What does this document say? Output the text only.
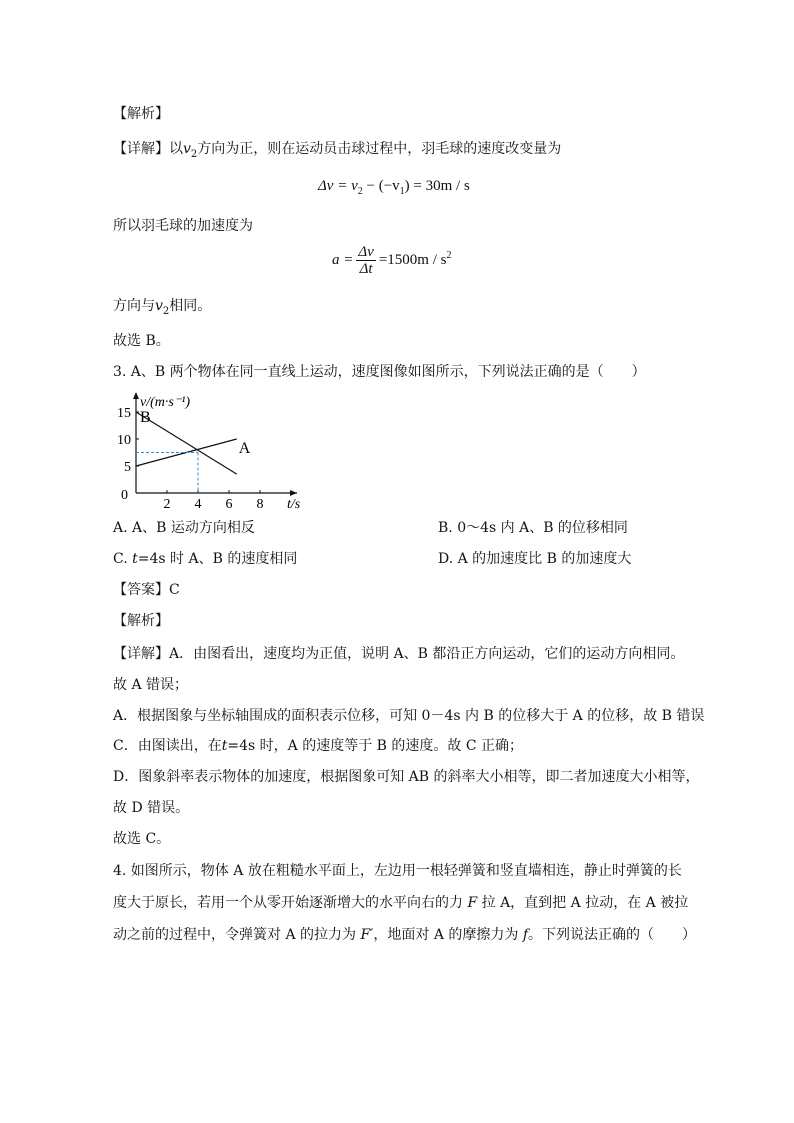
【解析】
【详解】以$v_2$方向为正，则在运动员击球过程中，羽毛球的速度改变量为
$\Delta v = v_2 - (-v_1) = 30m / s$
所以羽毛球的加速度为
$a = \frac{\Delta v}{\Delta t} =1500m / s^2$
方向与$v_2$相同。
故选 B。
3. A、B 两个物体在同一直线上运动，速度图像如图所示，下列说法正确的是（　　）
2 4 6 8
5
10
15
0
t/s
v/(m·s⁻¹)
A
B
A. A、B 运动方向相反	B. 0～4s 内 A、B 的位移相同
C. t=4s 时 A、B 的速度相同	D. A 的加速度比 B 的加速度大
【答案】C
【解析】
【详解】A．由图看出，速度均为正值，说明 A、B 都沿正方向运动，它们的运动方向相同。
故 A 错误；
A．根据图象与坐标轴围成的面积表示位移，可知 0－4s 内 B 的位移大于 A 的位移，故 B 错误
C．由图读出，在t=4s 时，A 的速度等于 B 的速度。故 C 正确；
D．图象斜率表示物体的加速度，根据图象可知 AB 的斜率大小相等，即二者加速度大小相等，
故 D 错误。
故选 C。
4. 如图所示，物体 A 放在粗糙水平面上，左边用一根轻弹簧和竖直墙相连，静止时弹簧的长
度大于原长，若用一个从零开始逐渐增大的水平向右的力 F 拉 A，直到把 A 拉动，在 A 被拉
动之前的过程中，令弹簧对 A 的拉力为 F′，地面对 A 的摩擦力为 f。下列说法正确的（　　）
